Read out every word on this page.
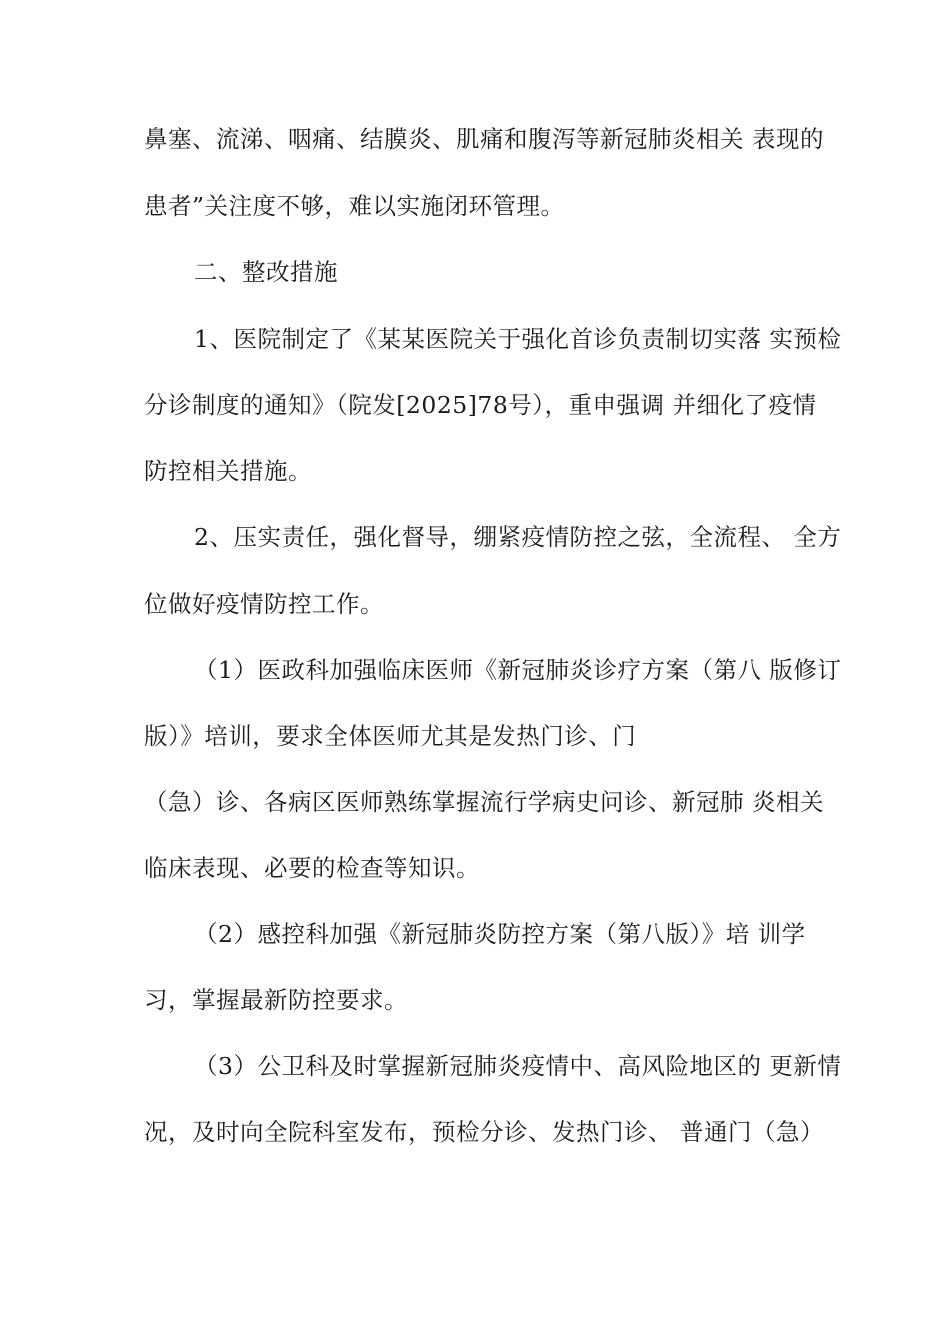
鼻塞、流涕、咽痛、结膜炎、肌痛和腹泻等新冠肺炎相关 表现的
患者”关注度不够，难以实施闭环管理。
二、整改措施
1、医院制定了《某某医院关于强化首诊负责制切实落 实预检
分诊制度的通知》（院发[2025]78号），重申强调 并细化了疫情
防控相关措施。
2、压实责任，强化督导，绷紧疫情防控之弦，全流程、 全方
位做好疫情防控工作。
（1）医政科加强临床医师《新冠肺炎诊疗方案（第八 版修订
版）》培训，要求全体医师尤其是发热门诊、门
（急）诊、各病区医师熟练掌握流行学病史问诊、新冠肺 炎相关
临床表现、必要的检查等知识。
（2）感控科加强《新冠肺炎防控方案（第八版）》培 训学
习，掌握最新防控要求。
（3）公卫科及时掌握新冠肺炎疫情中、高风险地区的 更新情
况，及时向全院科室发布，预检分诊、发热门诊、 普通门（急）
